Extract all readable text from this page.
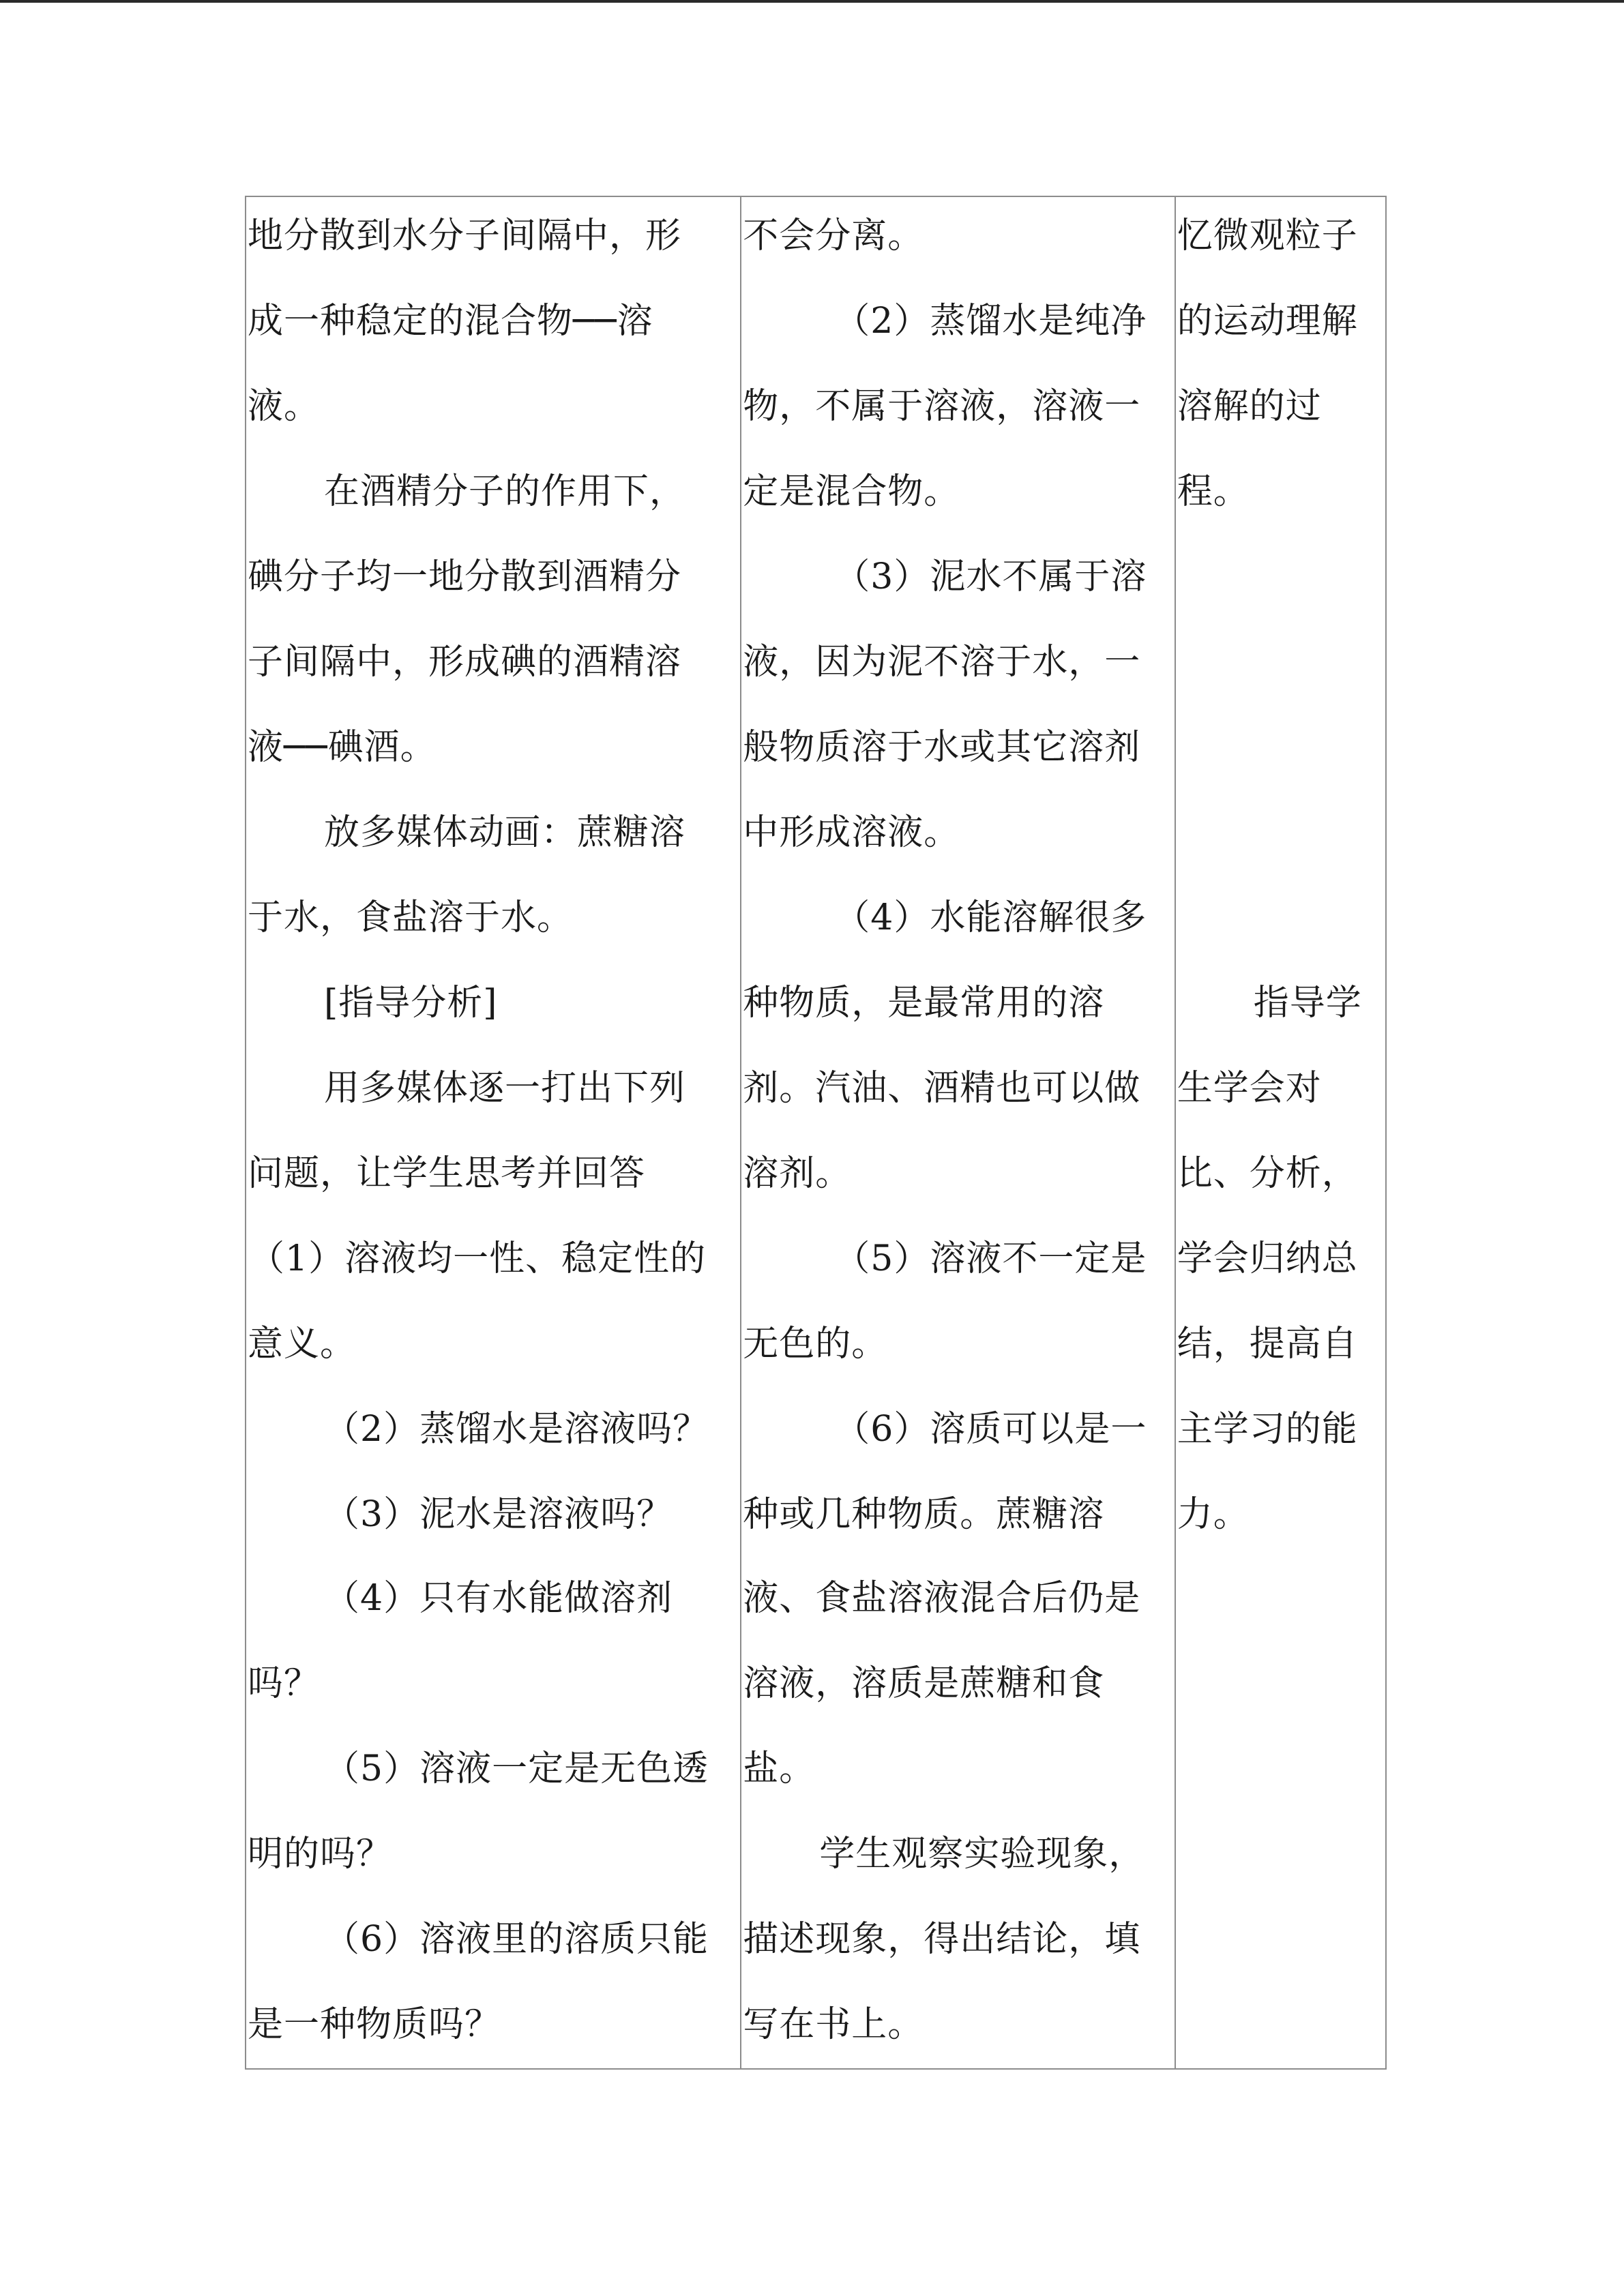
地分散到水分子间隔中，形
成一种稳定的混合物──溶
液。
在酒精分子的作用下，
碘分子均一地分散到酒精分
子间隔中，形成碘的酒精溶
液──碘酒。
放多媒体动画：蔗糖溶
于水，食盐溶于水。
[指导分析]
用多媒体逐一打出下列
问题，让学生思考并回答
（1）溶液均一性、稳定性的
意义。
（2）蒸馏水是溶液吗？
（3）泥水是溶液吗？
（4）只有水能做溶剂
吗？
（5）溶液一定是无色透
明的吗？
（6）溶液里的溶质只能
是一种物质吗？
不会分离。
（2）蒸馏水是纯净
物，不属于溶液，溶液一
定是混合物。
（3）泥水不属于溶
液，因为泥不溶于水，一
般物质溶于水或其它溶剂
中形成溶液。
（4）水能溶解很多
种物质，是最常用的溶
剂。汽油、酒精也可以做
溶剂。
（5）溶液不一定是
无色的。
（6）溶质可以是一
种或几种物质。蔗糖溶
液、食盐溶液混合后仍是
溶液，溶质是蔗糖和食
盐。
学生观察实验现象，
描述现象，得出结论，填
写在书上。
忆微观粒子
的运动理解
溶解的过
程。
指导学
生学会对
比、分析，
学会归纳总
结，提高自
主学习的能
力。
